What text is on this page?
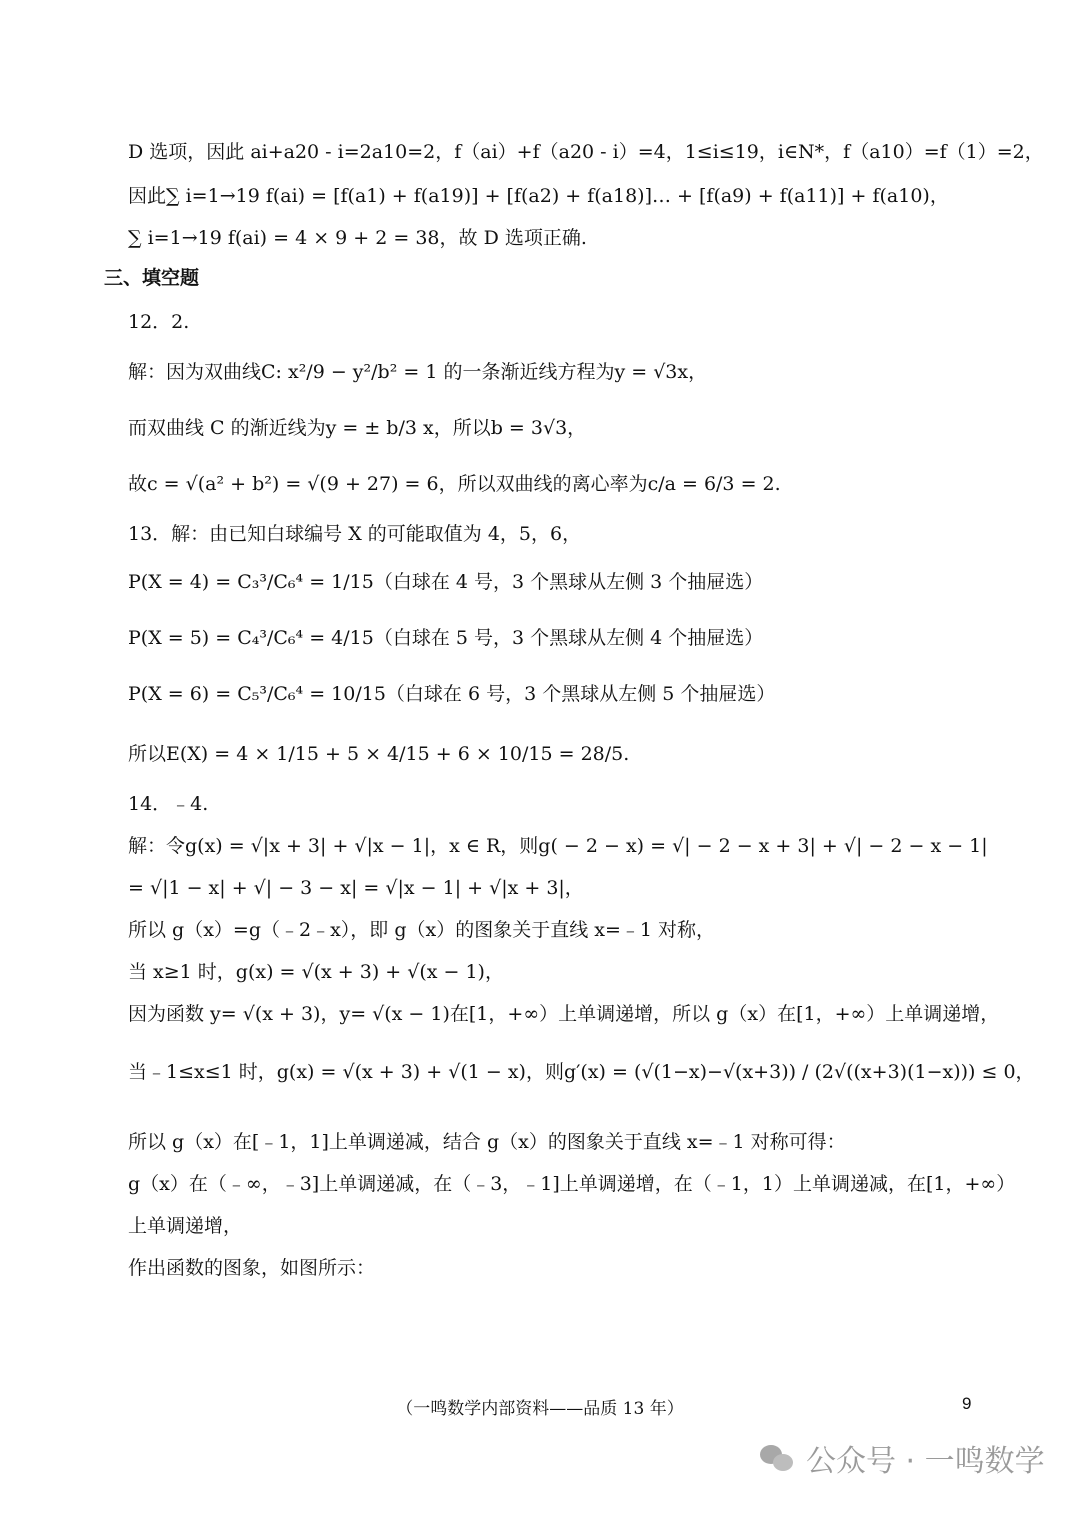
D 选项，因此 ai+a20 - i=2a10=2，f（ai）+f（a20 - i）=4，1≤i≤19，i∈N*，f（a10）=f（1）=2，
因此∑ i=1→19 f(ai) = [f(a1) + f(a19)] + [f(a2) + f(a18)]… + [f(a9) + f(a11)] + f(a10)，
∑ i=1→19 f(ai) = 4 × 9 + 2 = 38，故 D 选项正确.
三、填空题
12．2.
解：因为双曲线C: x²/9 − y²/b² = 1 的一条渐近线方程为y = √3x，
而双曲线 C 的渐近线为y = ± b/3 x，所以b = 3√3，
故c = √(a² + b²) = √(9 + 27) = 6，所以双曲线的离心率为c/a = 6/3 = 2.
13．解：由已知白球编号 X 的可能取值为 4，5，6，
P(X = 4) = C₃³/C₆⁴ = 1/15（白球在 4 号，3 个黑球从左侧 3 个抽屉选）
P(X = 5) = C₄³/C₆⁴ = 4/15（白球在 5 号，3 个黑球从左侧 4 个抽屉选）
P(X = 6) = C₅³/C₆⁴ = 10/15（白球在 6 号，3 个黑球从左侧 5 个抽屉选）
所以E(X) = 4 × 1/15 + 5 × 4/15 + 6 × 10/15 = 28/5.
14．﹣4.
解：令g(x) = √|x + 3| + √|x − 1|，x ∈ R，则g( − 2 − x) = √| − 2 − x + 3| + √| − 2 − x − 1|
= √|1 − x| + √| − 3 − x| = √|x − 1| + √|x + 3|，
所以 g（x）=g（﹣2﹣x），即 g（x）的图象关于直线 x=﹣1 对称，
当 x≥1 时，g(x) = √(x + 3) + √(x − 1)，
因为函数 y= √(x + 3)，y= √(x − 1)在[1，+∞）上单调递增，所以 g（x）在[1，+∞）上单调递增，
当﹣1≤x≤1 时，g(x) = √(x + 3) + √(1 − x)，则g′(x) = (√(1−x)−√(x+3)) / (2√((x+3)(1−x))) ≤ 0，
所以 g（x）在[﹣1，1]上单调递减，结合 g（x）的图象关于直线 x=﹣1 对称可得：
g（x）在（﹣∞，﹣3]上单调递减，在（﹣3，﹣1]上单调递增，在（﹣1，1）上单调递减，在[1，+∞）
上单调递增，
作出函数的图象，如图所示：
（一鸣数学内部资料——品质 13 年）	9
公众号 · 一鸣数学
